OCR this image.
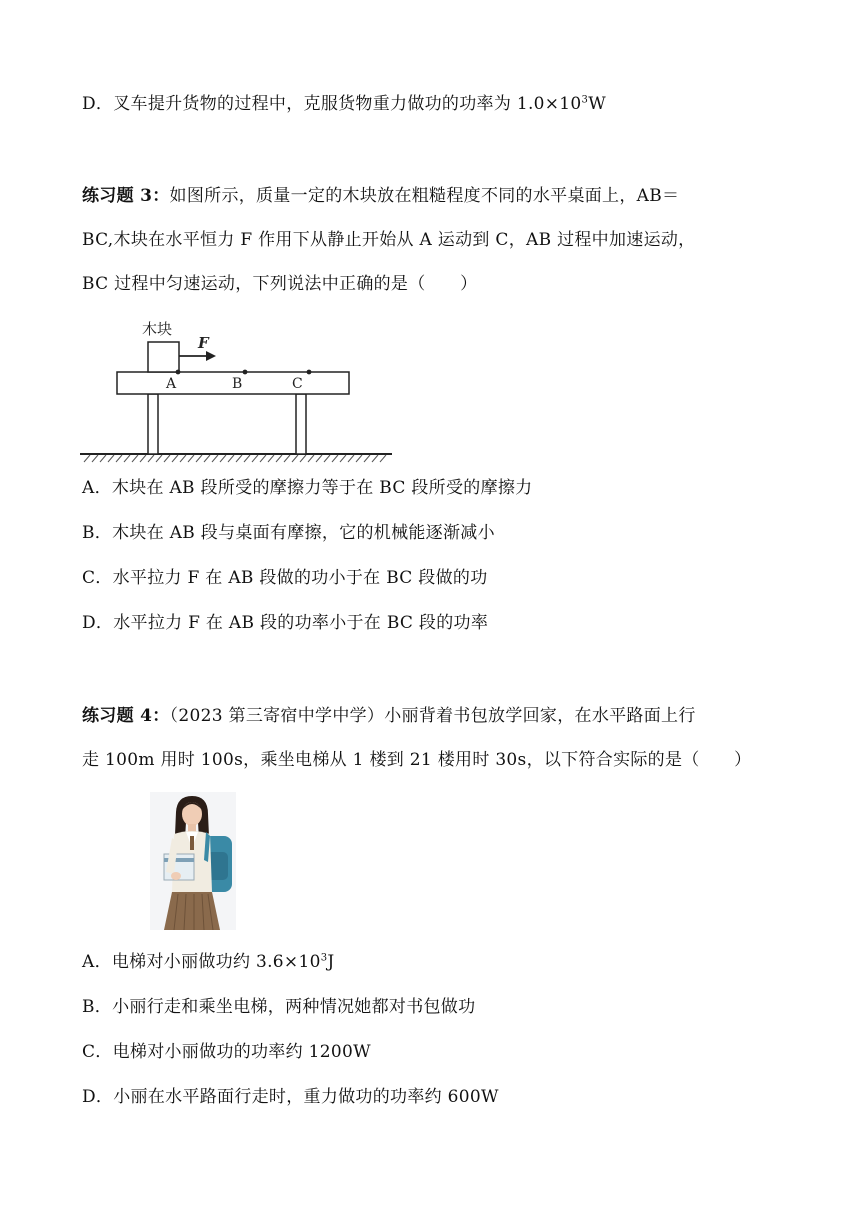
D．叉车提升货物的过程中，克服货物重力做功的功率为 $1.0\times 10^3W$
练习题 3：如图所示，质量一定的木块放在粗糙程度不同的水平桌面上，AB＝
BC,木块在水平恒力 F 作用下从静止开始从 A 运动到 C，AB 过程中加速运动，
BC 过程中匀速运动，下列说法中正确的是（　　）
木块
F
A	B	C
A．木块在 AB 段所受的摩擦力等于在 BC 段所受的摩擦力
B．木块在 AB 段与桌面有摩擦，它的机械能逐渐减小
C．水平拉力 F 在 AB 段做的功小于在 BC 段做的功
D．水平拉力 F 在 AB 段的功率小于在 BC 段的功率
练习题 4：（2023 第三寄宿中学中学）小丽背着书包放学回家，在水平路面上行
走 100m 用时 100s，乘坐电梯从 1 楼到 21 楼用时 30s，以下符合实际的是（　　）
A．电梯对小丽做功约 $3.6\times 10^3J$
B．小丽行走和乘坐电梯，两种情况她都对书包做功
C．电梯对小丽做功的功率约 1200W
D．小丽在水平路面行走时，重力做功的功率约 600W
